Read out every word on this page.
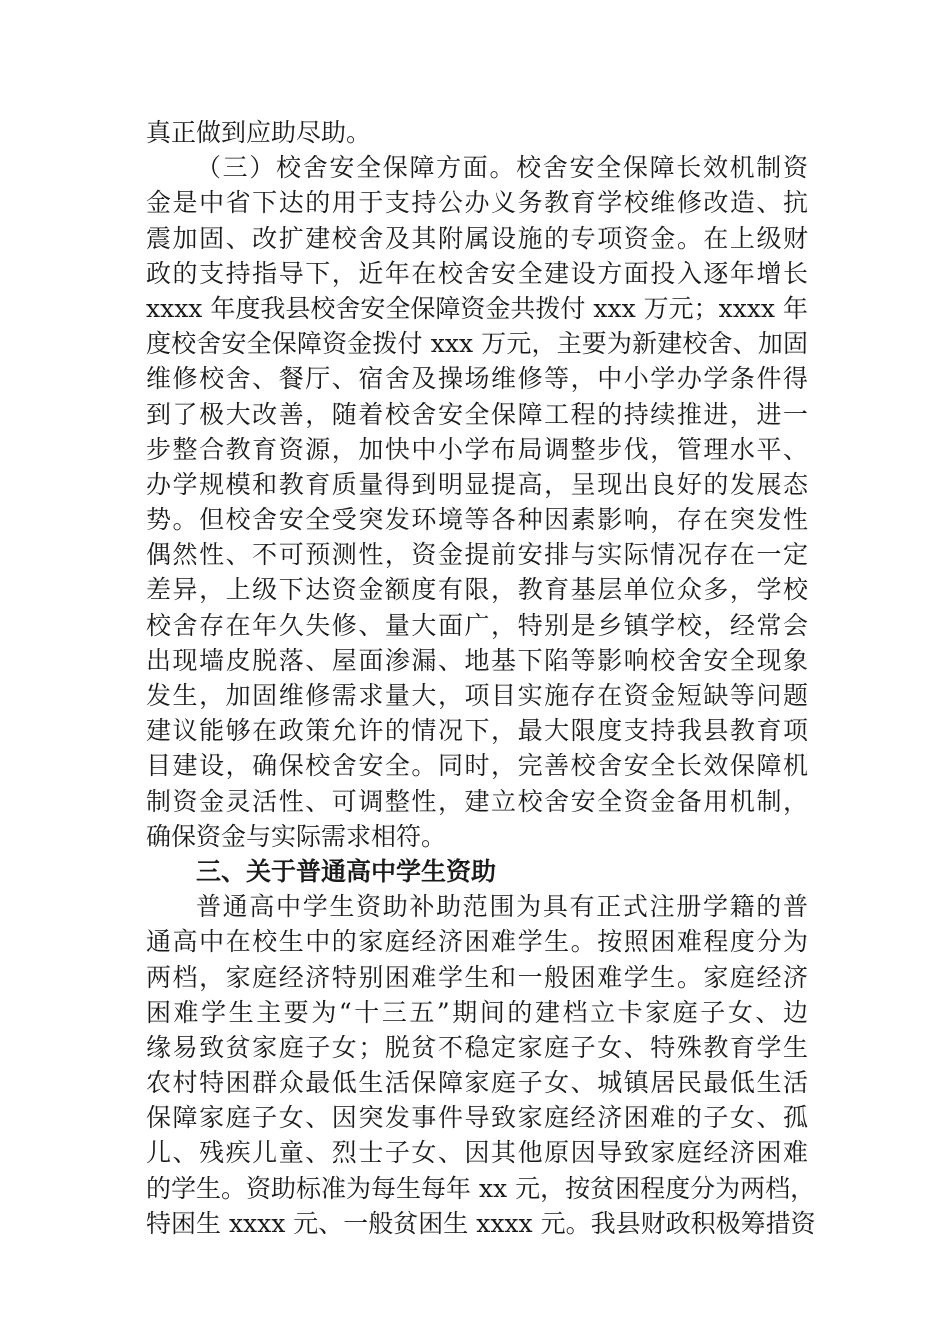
真正做到应助尽助。
（三）校舍安全保障方面。校舍安全保障长效机制资
金是中省下达的用于支持公办义务教育学校维修改造、抗
震加固、改扩建校舍及其附属设施的专项资金。在上级财
政的支持指导下，近年在校舍安全建设方面投入逐年增长
xxxx 年度我县校舍安全保障资金共拨付 xxx 万元；xxxx 年
度校舍安全保障资金拨付 xxx 万元，主要为新建校舍、加固
维修校舍、餐厅、宿舍及操场维修等，中小学办学条件得
到了极大改善，随着校舍安全保障工程的持续推进，进一
步整合教育资源，加快中小学布局调整步伐，管理水平、
办学规模和教育质量得到明显提高，呈现出良好的发展态
势。但校舍安全受突发环境等各种因素影响，存在突发性
偶然性、不可预测性，资金提前安排与实际情况存在一定
差异，上级下达资金额度有限，教育基层单位众多，学校
校舍存在年久失修、量大面广，特别是乡镇学校，经常会
出现墙皮脱落、屋面渗漏、地基下陷等影响校舍安全现象
发生，加固维修需求量大，项目实施存在资金短缺等问题
建议能够在政策允许的情况下，最大限度支持我县教育项
目建设，确保校舍安全。同时，完善校舍安全长效保障机
制资金灵活性、可调整性，建立校舍安全资金备用机制，
确保资金与实际需求相符。
三、关于普通高中学生资助
普通高中学生资助补助范围为具有正式注册学籍的普
通高中在校生中的家庭经济困难学生。按照困难程度分为
两档，家庭经济特别困难学生和一般困难学生。家庭经济
困难学生主要为“十三五”期间的建档立卡家庭子女、边
缘易致贫家庭子女；脱贫不稳定家庭子女、特殊教育学生
农村特困群众最低生活保障家庭子女、城镇居民最低生活
保障家庭子女、因突发事件导致家庭经济困难的子女、孤
儿、残疾儿童、烈士子女、因其他原因导致家庭经济困难
的学生。资助标准为每生每年 xx 元，按贫困程度分为两档，
特困生 xxxx 元、一般贫困生 xxxx 元。我县财政积极筹措资
